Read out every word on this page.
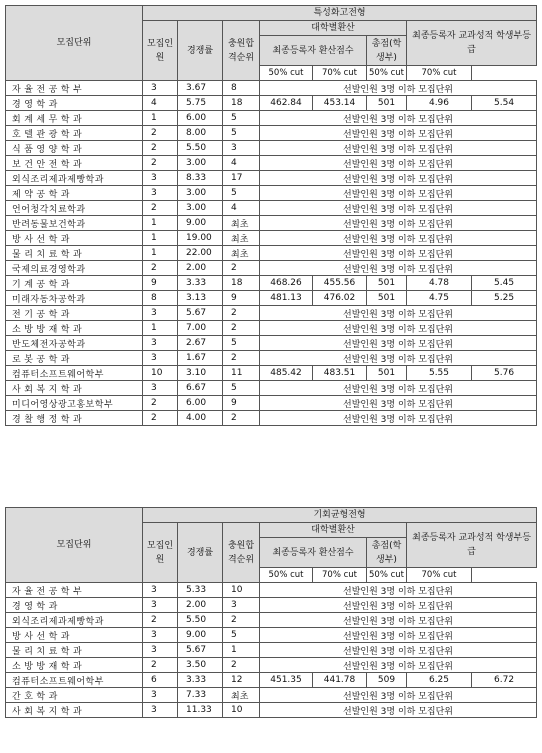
모집단위	특성화고전형							
	모집인원	경쟁률	충원합격순위	대학별환산			최종등록자 교과성적 학생부등급	
				최종등록자 환산점수		총점(학생부)		

				50% cut	70% cut	50% cut	70% cut	
자율전공학부	3	3.67	8	선발인원 3명 이하 모집단위				
경영학과	4	5.75	18	462.84	453.14	501	4.96	5.54
회계세무학과	1	6.00	5	선발인원 3명 이하 모집단위				
호텔관광학과	2	8.00	5	선발인원 3명 이하 모집단위				
식품영양학과	2	5.50	3	선발인원 3명 이하 모집단위				
보건안전학과	2	3.00	4	선발인원 3명 이하 모집단위				
외식조리제과제빵학과	3	8.33	17	선발인원 3명 이하 모집단위				
제약공학과	3	3.00	5	선발인원 3명 이하 모집단위				
언어청각치료학과	2	3.00	4	선발인원 3명 이하 모집단위				
반려동물보건학과	1	9.00	최초	선발인원 3명 이하 모집단위				
방사선학과	1	19.00	최초	선발인원 3명 이하 모집단위				
물리치료학과	1	22.00	최초	선발인원 3명 이하 모집단위				
국제의료경영학과	2	2.00	2	선발인원 3명 이하 모집단위				
기계공학과	9	3.33	18	468.26	455.56	501	4.78	5.45
미래자동차공학과	8	3.13	9	481.13	476.02	501	4.75	5.25
전기공학과	3	5.67	2	선발인원 3명 이하 모집단위				
소방방재학과	1	7.00	2	선발인원 3명 이하 모집단위				
반도체전자공학과	3	2.67	5	선발인원 3명 이하 모집단위				
로봇공학과	3	1.67	2	선발인원 3명 이하 모집단위				
컴퓨터소프트웨어학부	10	3.10	11	485.42	483.51	501	5.55	5.76
사회복지학과	3	6.67	5	선발인원 3명 이하 모집단위				
미디어영상광고홍보학부	2	6.00	9	선발인원 3명 이하 모집단위				
경찰행정학과	2	4.00	2	선발인원 3명 이하 모집단위				
모집단위	기회균형전형							
	모집인원	경쟁률	충원합격순위	대학별환산			최종등록자 교과성적 학생부등급	
				최종등록자 환산점수		총점(학생부)		

				50% cut	70% cut	50% cut	70% cut	
자율전공학부	3	5.33	10	선발인원 3명 이하 모집단위				
경영학과	3	2.00	3	선발인원 3명 이하 모집단위				
외식조리제과제빵학과	2	5.50	2	선발인원 3명 이하 모집단위				
방사선학과	3	9.00	5	선발인원 3명 이하 모집단위				
물리치료학과	3	5.67	1	선발인원 3명 이하 모집단위				
소방방재학과	2	3.50	2	선발인원 3명 이하 모집단위				
컴퓨터소프트웨어학부	6	3.33	12	451.35	441.78	509	6.25	6.72
간호학과	3	7.33	최초	선발인원 3명 이하 모집단위				
사회복지학과	3	11.33	10	선발인원 3명 이하 모집단위				
